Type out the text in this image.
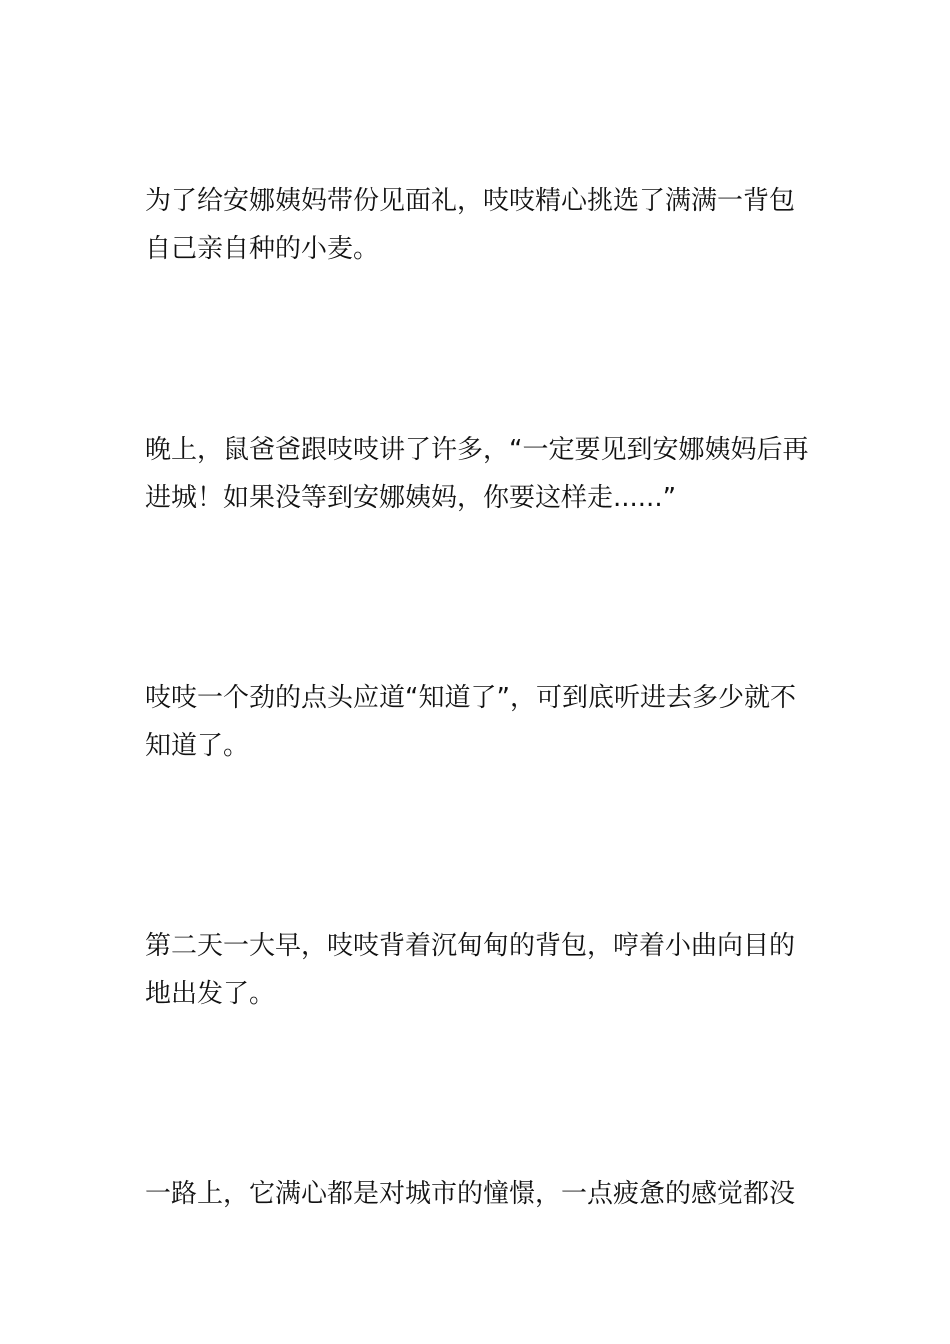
为了给安娜姨妈带份见面礼，吱吱精心挑选了满满一背包自己亲自种的小麦。

晚上，鼠爸爸跟吱吱讲了许多，“一定要见到安娜姨妈后再进城！如果没等到安娜姨妈，你要这样走......”

吱吱一个劲的点头应道“知道了”，可到底听进去多少就不知道了。

第二天一大早，吱吱背着沉甸甸的背包，哼着小曲向目的地出发了。

一路上，它满心都是对城市的憧憬，一点疲惫的感觉都没
